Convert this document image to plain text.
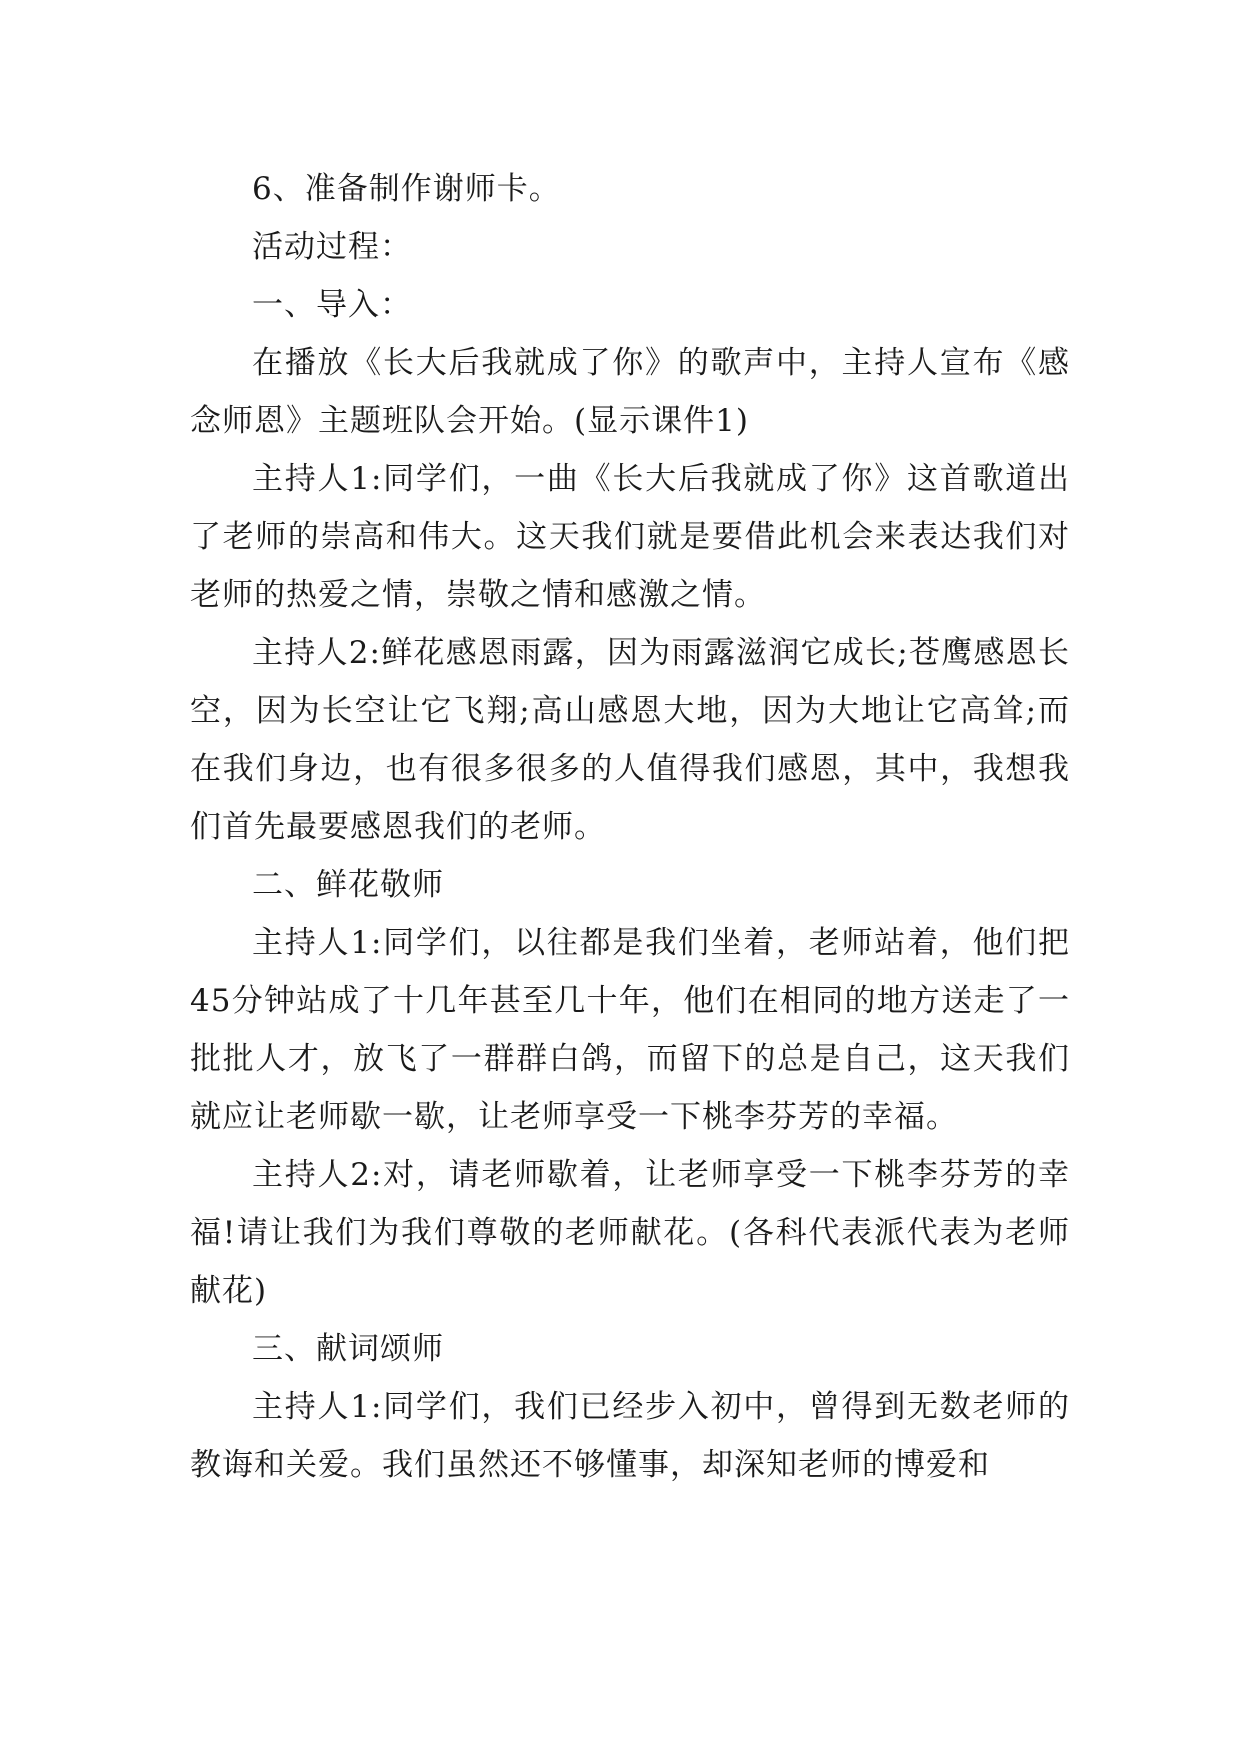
6、准备制作谢师卡。

活动过程：

一、导入：

在播放《长大后我就成了你》的歌声中，主持人宣布《感念师恩》主题班队会开始。(显示课件1)

主持人1:同学们，一曲《长大后我就成了你》这首歌道出了老师的崇高和伟大。这天我们就是要借此机会来表达我们对老师的热爱之情，崇敬之情和感激之情。

主持人2:鲜花感恩雨露，因为雨露滋润它成长;苍鹰感恩长空，因为长空让它飞翔;高山感恩大地，因为大地让它高耸;而在我们身边，也有很多很多的人值得我们感恩，其中，我想我们首先最要感恩我们的老师。

二、鲜花敬师

主持人1:同学们，以往都是我们坐着，老师站着，他们把45分钟站成了十几年甚至几十年，他们在相同的地方送走了一批批人才，放飞了一群群白鸽，而留下的总是自己，这天我们就应让老师歇一歇，让老师享受一下桃李芬芳的幸福。

主持人2:对，请老师歇着，让老师享受一下桃李芬芳的幸福!请让我们为我们尊敬的老师献花。(各科代表派代表为老师献花)

三、献词颂师

主持人1:同学们，我们已经步入初中，曾得到无数老师的教诲和关爱。我们虽然还不够懂事，却深知老师的博爱和
